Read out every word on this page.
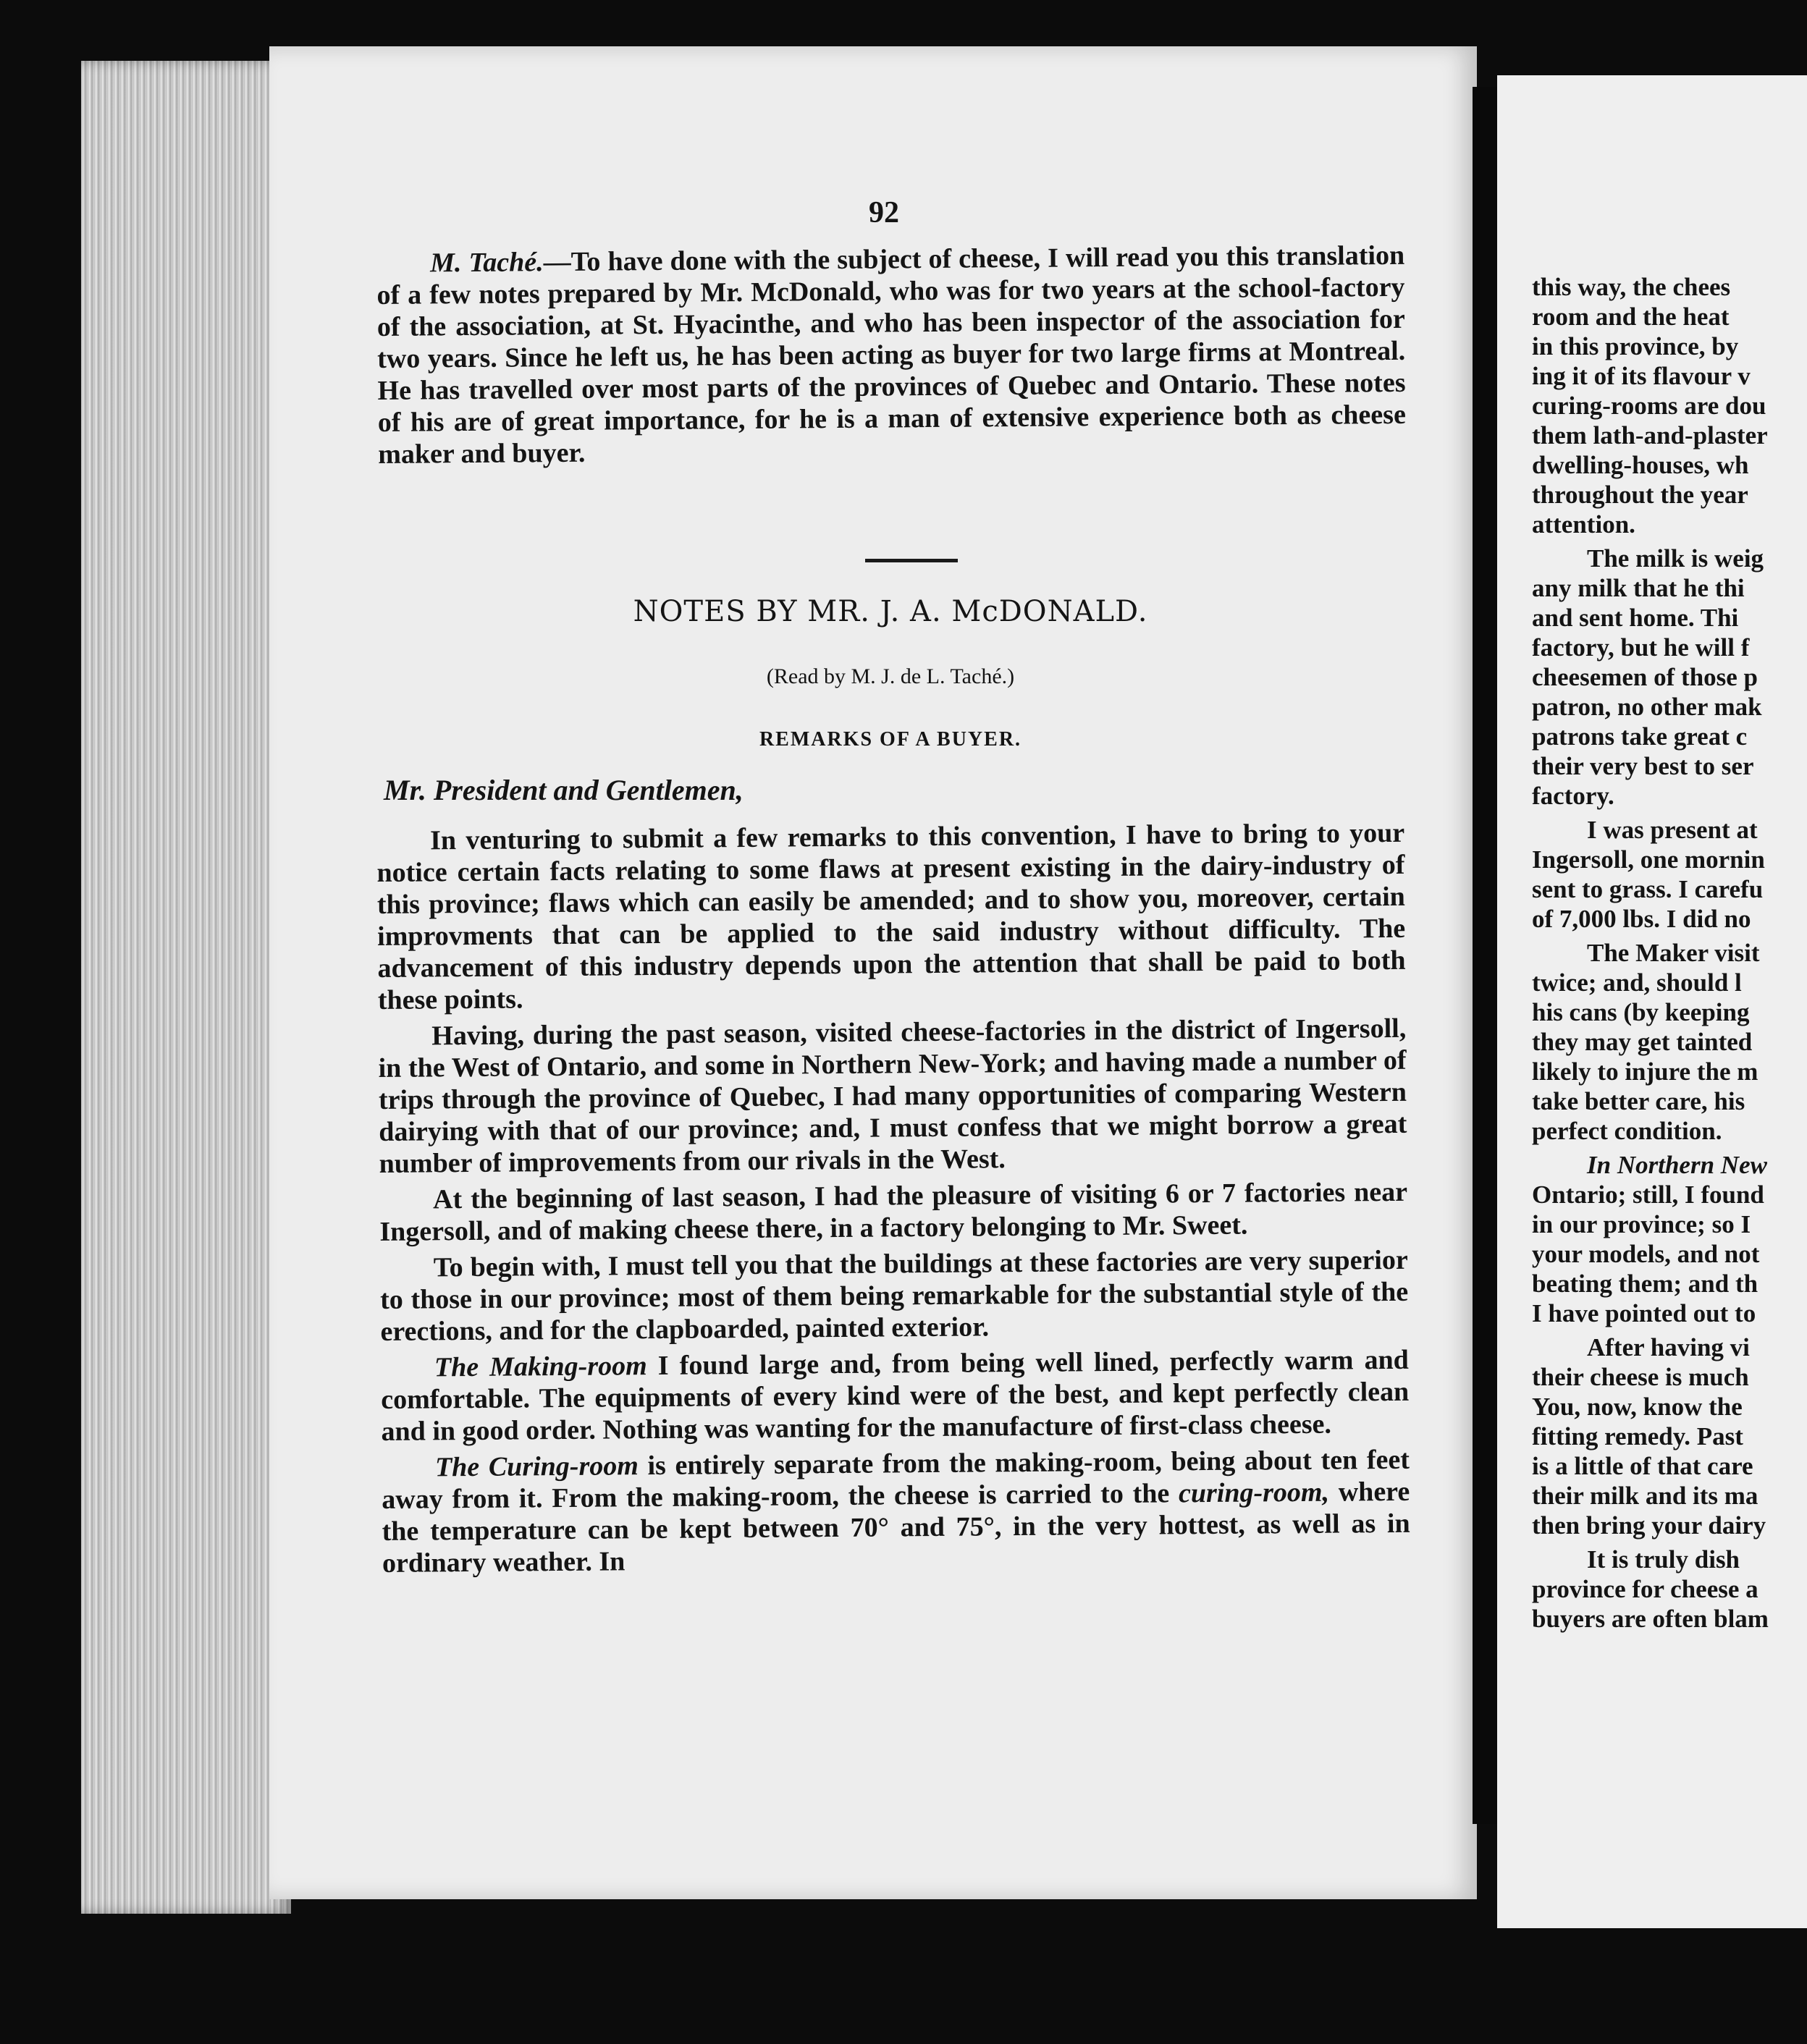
92

M. Taché.—To have done with the subject of cheese, I will read you this translation of a few notes prepared by Mr. McDonald, who was for two years at the school-factory of the association, at St. Hyacinthe, and who has been inspector of the association for two years. Since he left us, he has been acting as buyer for two large firms at Montreal. He has travelled over most parts of the provinces of Quebec and Ontario. These notes of his are of great importance, for he is a man of extensive experience both as cheese maker and buyer.

NOTES BY MR. J. A. McDONALD.
(Read by M. J. de L. Taché.)
REMARKS OF A BUYER.
Mr. President and Gentlemen,

In venturing to submit a few remarks to this convention, I have to bring to your notice certain facts relating to some flaws at present existing in the dairy-industry of this province; flaws which can easily be amended; and to show you, moreover, certain improvments that can be applied to the said industry without difficulty. The advancement of this industry depends upon the attention that shall be paid to both these points.

Having, during the past season, visited cheese-factories in the district of Ingersoll, in the West of Ontario, and some in Northern New-York; and having made a number of trips through the province of Quebec, I had many opportunities of comparing Western dairying with that of our province; and, I must confess that we might borrow a great number of improvements from our rivals in the West.

At the beginning of last season, I had the pleasure of visiting 6 or 7 factories near Ingersoll, and of making cheese there, in a factory belonging to Mr. Sweet.

To begin with, I must tell you that the buildings at these factories are very superior to those in our province; most of them being remarkable for the substantial style of the erections, and for the clapboarded, painted exterior.

The Making-room I found large and, from being well lined, perfectly warm and comfortable. The equipments of every kind were of the best, and kept perfectly clean and in good order. Nothing was wanting for the manufacture of first-class cheese.

The Curing-room is entirely separate from the making-room, being about ten feet away from it. From the making-room, the cheese is carried to the curing-room, where the temperature can be kept between 70° and 75°, in the very hottest, as well as in ordinary weather. In

this way, the chees
room and the heat
in this province, by
ing it of its flavour v
curing-rooms are dou
them lath-and-plaster
dwelling-houses, wh
throughout the year
attention.
The milk is weig
any milk that he thi
and sent home. Thi
factory, but he will f
cheesemen of those p
patron, no other mak
patrons take great c
their very best to ser
factory.
I was present at
Ingersoll, one mornin
sent to grass. I carefu
of 7,000 lbs. I did no
The Maker visit
twice; and, should l
his cans (by keeping
they may get tainted
likely to injure the m
take better care, his
perfect condition.
In Northern New
Ontario; still, I found
in our province; so I
your models, and not
beating them; and th
I have pointed out to
After having vi
their cheese is much
You, now, know the
fitting remedy. Past
is a little of that care
their milk and its ma
then bring your dairy
It is truly dish
province for cheese a
buyers are often blam
